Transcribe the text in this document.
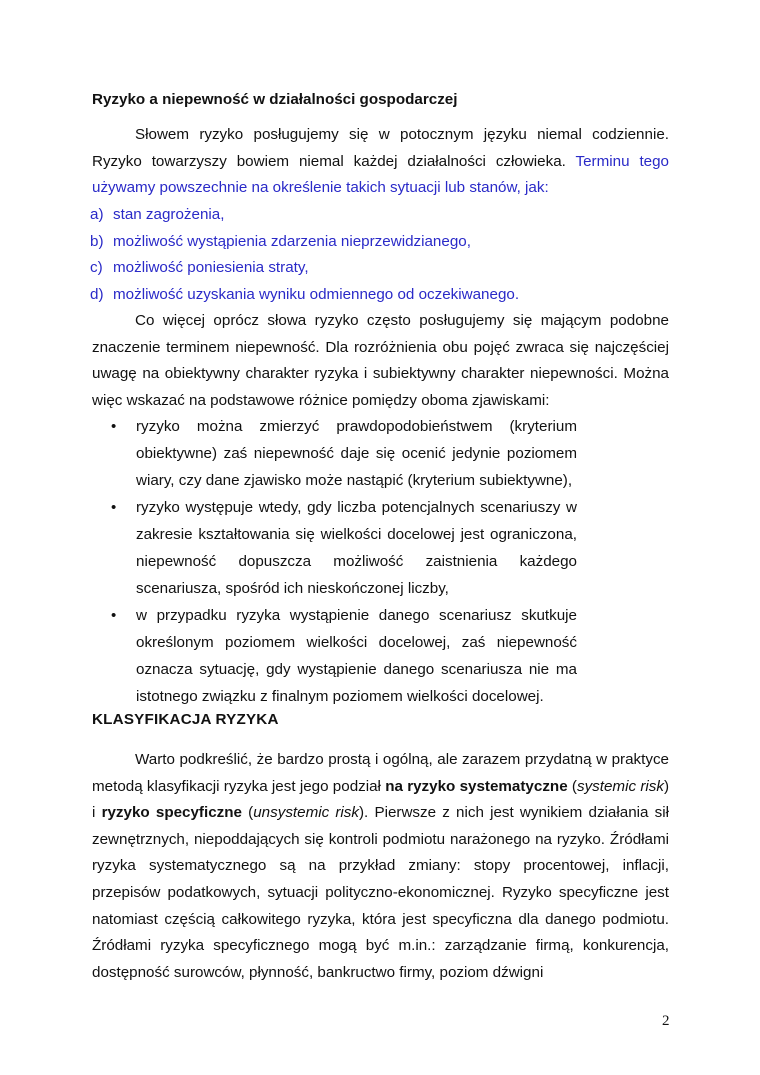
Ryzyko a niepewność w działalności gospodarczej
Słowem ryzyko posługujemy się w potocznym języku niemal codziennie. Ryzyko towarzyszy bowiem niemal każdej działalności człowieka. Terminu tego używamy powszechnie na określenie takich sytuacji lub stanów, jak:
a) stan zagrożenia,
b) możliwość wystąpienia zdarzenia nieprzewidzianego,
c) możliwość poniesienia straty,
d) możliwość uzyskania wyniku odmiennego od oczekiwanego.
Co więcej oprócz słowa ryzyko często posługujemy się mającym podobne znaczenie terminem niepewność. Dla rozróżnienia obu pojęć zwraca się najczęściej uwagę na obiektywny charakter ryzyka i subiektywny charakter niepewności. Można więc wskazać na podstawowe różnice pomiędzy oboma zjawiskami:
• ryzyko można zmierzyć prawdopodobieństwem (kryterium obiektywne) zaś niepewność daje się ocenić jedynie poziomem wiary, czy dane zjawisko może nastąpić (kryterium subiektywne),
• ryzyko występuje wtedy, gdy liczba potencjalnych scenariuszy w zakresie kształtowania się wielkości docelowej jest ograniczona, niepewność dopuszcza możliwość zaistnienia każdego scenariusza, spośród ich nieskończonej liczby,
• w przypadku ryzyka wystąpienie danego scenariusz skutkuje określonym poziomem wielkości docelowej, zaś niepewność oznacza sytuację, gdy wystąpienie danego scenariusza nie ma istotnego związku z finalnym poziomem wielkości docelowej.
KLASYFIKACJA RYZYKA
Warto podkreślić, że bardzo prostą i ogólną, ale zarazem przydatną w praktyce metodą klasyfikacji ryzyka jest jego podział na ryzyko systematyczne (systemic risk) i ryzyko specyficzne (unsystemic risk). Pierwsze z nich jest wynikiem działania sił zewnętrznych, niepoddających się kontroli podmiotu narażonego na ryzyko. Źródłami ryzyka systematycznego są na przykład zmiany: stopy procentowej, inflacji, przepisów podatkowych, sytuacji polityczno-ekonomicznej. Ryzyko specyficzne jest natomiast częścią całkowitego ryzyka, która jest specyficzna dla danego podmiotu. Źródłami ryzyka specyficznego mogą być m.in.: zarządzanie firmą, konkurencja, dostępność surowców, płynność, bankructwo firmy, poziom dźwigni
2
